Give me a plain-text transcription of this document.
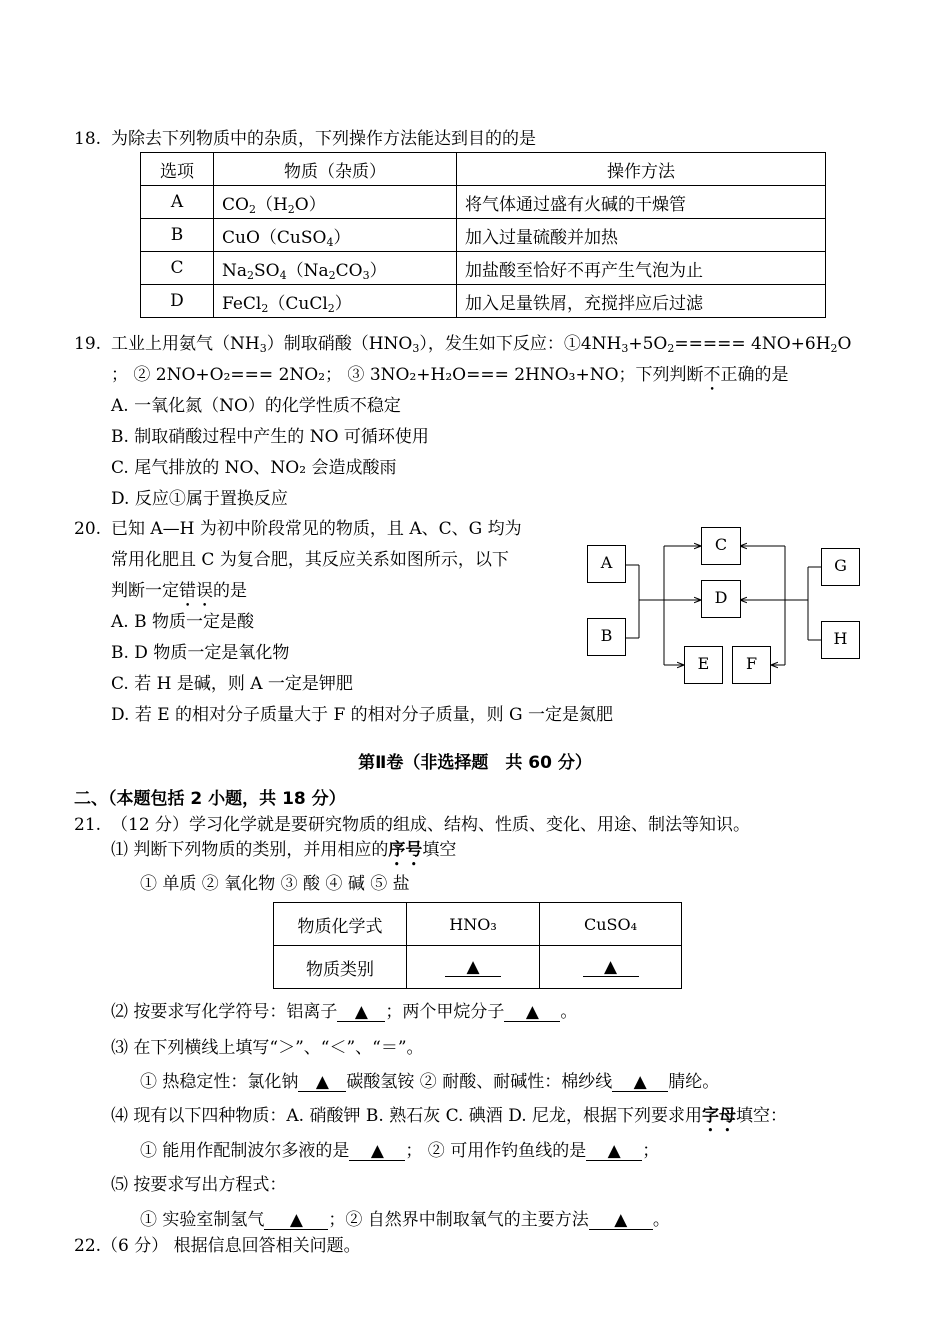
18. 为除去下列物质中的杂质，下列操作方法能达到目的的是
选项	物质（杂质）	操作方法
A	$CO_2(H_2O)$	将气体通过盛有火碱的干燥管
B	CuO（CuSO$_4$）	加入过量硫酸并加热
C	$Na_2SO_4(Na_2CO_3)$	加盐酸至恰好不再产生气泡为止
D	FeCl$_2$（CuCl$_2$）	加入足量铁屑，充搅拌应后过滤
19. 工业上用氨气$(NH_3)$制取硝酸$(HNO_3)$，发生如下反应：$①4NH_3+5O_2===== 4NO+6H_2O$
； ② 2NO+O₂=== 2NO₂； ③ 3NO₂+H₂O=== 2HNO₃+NO；下列判断不正确的是
A. 一氧化氮（NO）的化学性质不稳定
B. 制取硝酸过程中产生的 NO 可循环使用
C. 尾气排放的 NO、NO₂ 会造成酸雨
D. 反应①属于置换反应
20. 已知 A—H 为初中阶段常见的物质，且 A、C、G 均为
常用化肥且 C 为复合肥，其反应关系如图所示，以下
判断一定错误的是
A. B 物质一定是酸
B. D 物质一定是氧化物
C. 若 H 是碱，则 A 一定是钾肥
D. 若 E 的相对分子质量大于 F 的相对分子质量，则 G 一定是氮肥
A
B
C
D
E	F
G
H
第Ⅱ卷（非选择题　共 60 分）
二、（本题包括 2 小题，共 18 分）
21. （12 分）学习化学就是要研究物质的组成、结构、性质、变化、用途、制法等知识。
⑴ 判断下列物质的类别，并用相应的序号填空
① 单质 ② 氧化物 ③ 酸 ④ 碱 ⑤ 盐
物质化学式	HNO₃	CuSO₄
物质类别	▲	▲
⑵ 按要求写化学符号：铝离子 ▲ ；两个甲烷分子 ▲ 。
⑶ 在下列横线上填写“＞”、“＜”、“＝”。
① 热稳定性：氯化钠 ▲ 碳酸氢铵 ② 耐酸、耐碱性：棉纱线 ▲ 腈纶。
⑷ 现有以下四种物质：A. 硝酸钾 B. 熟石灰 C. 碘酒 D. 尼龙，根据下列要求用字母填空：
① 能用作配制波尔多液的是 ▲ ； ② 可用作钓鱼线的是 ▲ ；
⑸ 按要求写出方程式：
① 实验室制氢气 ▲ ；② 自然界中制取氧气的主要方法 ▲ 。
22.（6 分） 根据信息回答相关问题。
